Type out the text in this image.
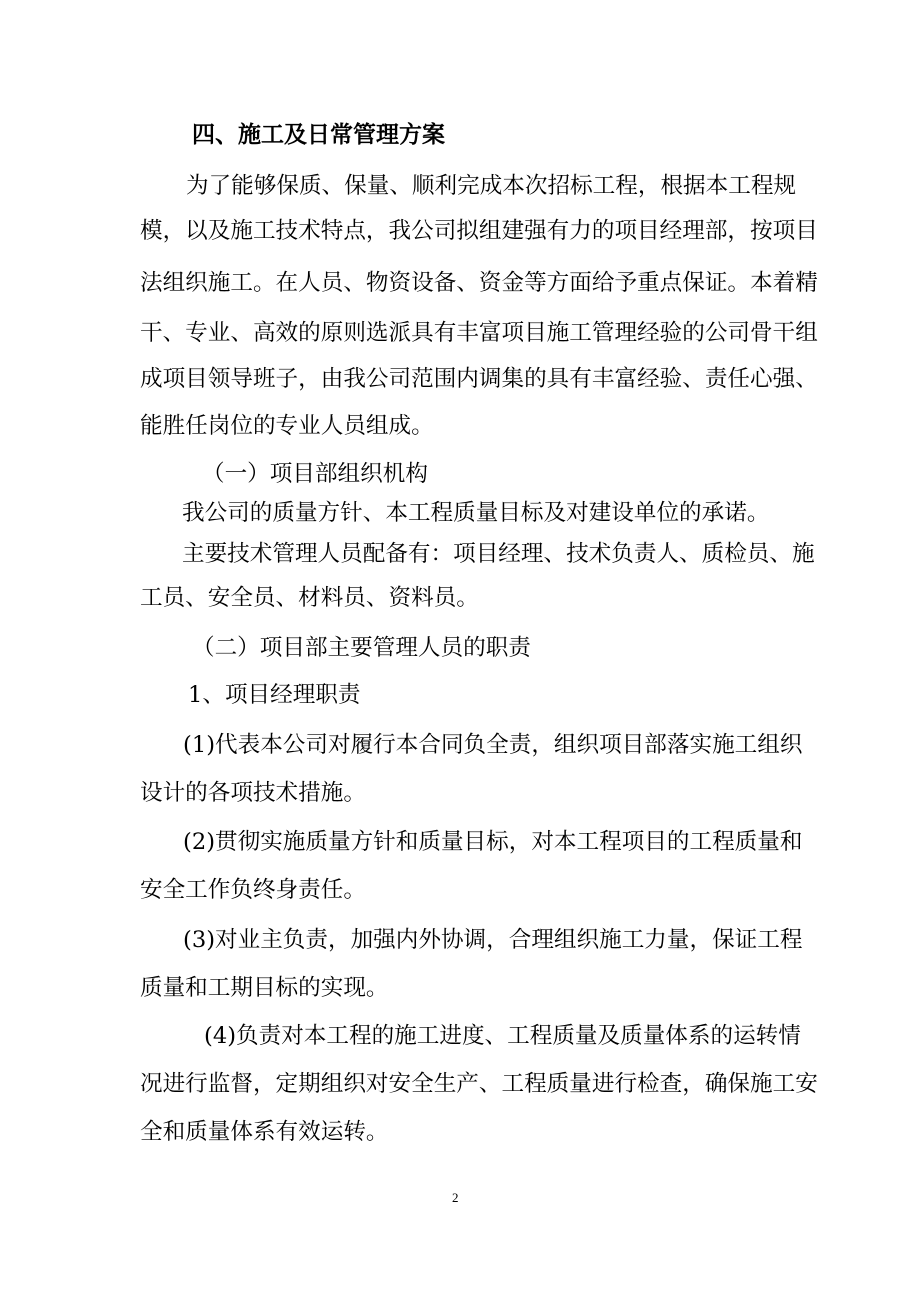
四、施工及日常管理方案
为了能够保质、保量、顺利完成本次招标工程，根据本工程规
模，以及施工技术特点，我公司拟组建强有力的项目经理部，按项目
法组织施工。在人员、物资设备、资金等方面给予重点保证。本着精
干、专业、高效的原则选派具有丰富项目施工管理经验的公司骨干组
成项目领导班子，由我公司范围内调集的具有丰富经验、责任心强、
能胜任岗位的专业人员组成。
（一）项目部组织机构
我公司的质量方针、本工程质量目标及对建设单位的承诺。
主要技术管理人员配备有：项目经理、技术负责人、质检员、施
工员、安全员、材料员、资料员。
（二）项目部主要管理人员的职责
1、项目经理职责
(1)代表本公司对履行本合同负全责，组织项目部落实施工组织
设计的各项技术措施。
(2)贯彻实施质量方针和质量目标，对本工程项目的工程质量和
安全工作负终身责任。
(3)对业主负责，加强内外协调，合理组织施工力量，保证工程
质量和工期目标的实现。
(4)负责对本工程的施工进度、工程质量及质量体系的运转情
况进行监督，定期组织对安全生产、工程质量进行检查，确保施工安
全和质量体系有效运转。
2
